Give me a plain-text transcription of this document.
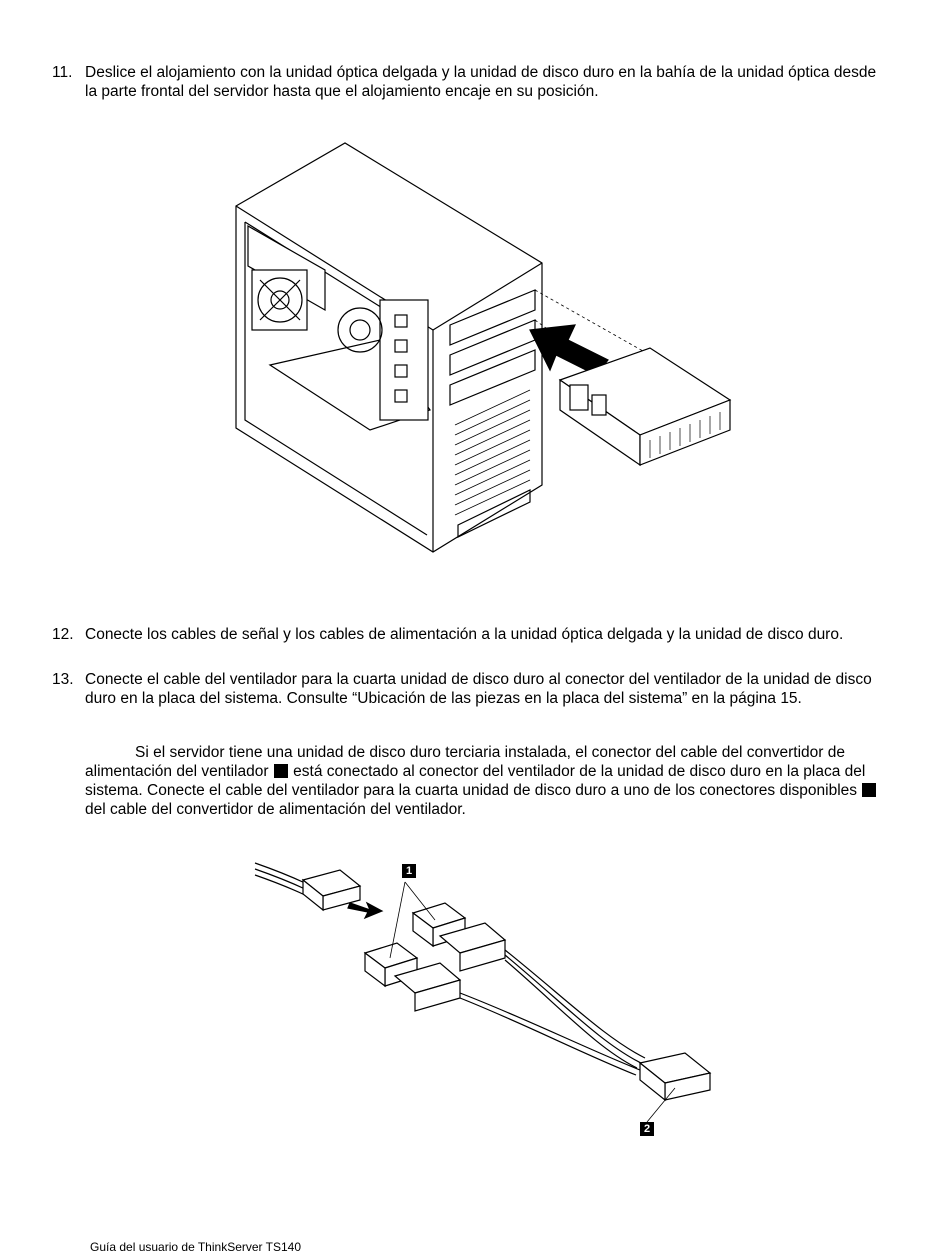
11. Deslice el alojamiento con la unidad óptica delgada y la unidad de disco duro en la bahía de la unidad óptica desde la parte frontal del servidor hasta que el alojamiento encaje en su posición.
12. Conecte los cables de señal y los cables de alimentación a la unidad óptica delgada y la unidad de disco duro.
13. Conecte el cable del ventilador para la cuarta unidad de disco duro al conector del ventilador de la unidad de disco duro en la placa del sistema. Consulte “Ubicación de las piezas en la placa del sistema” en la página 15.
Si el servidor tiene una unidad de disco duro terciaria instalada, el conector del cable del convertidor de alimentación del ventilador está conectado al conector del ventilador de la unidad de disco duro en la placa del sistema. Conecte el cable del ventilador para la cuarta unidad de disco duro a uno de los conectores disponibles  del cable del convertidor de alimentación del ventilador.
1
2
Guía del usuario de ThinkServer TS140
